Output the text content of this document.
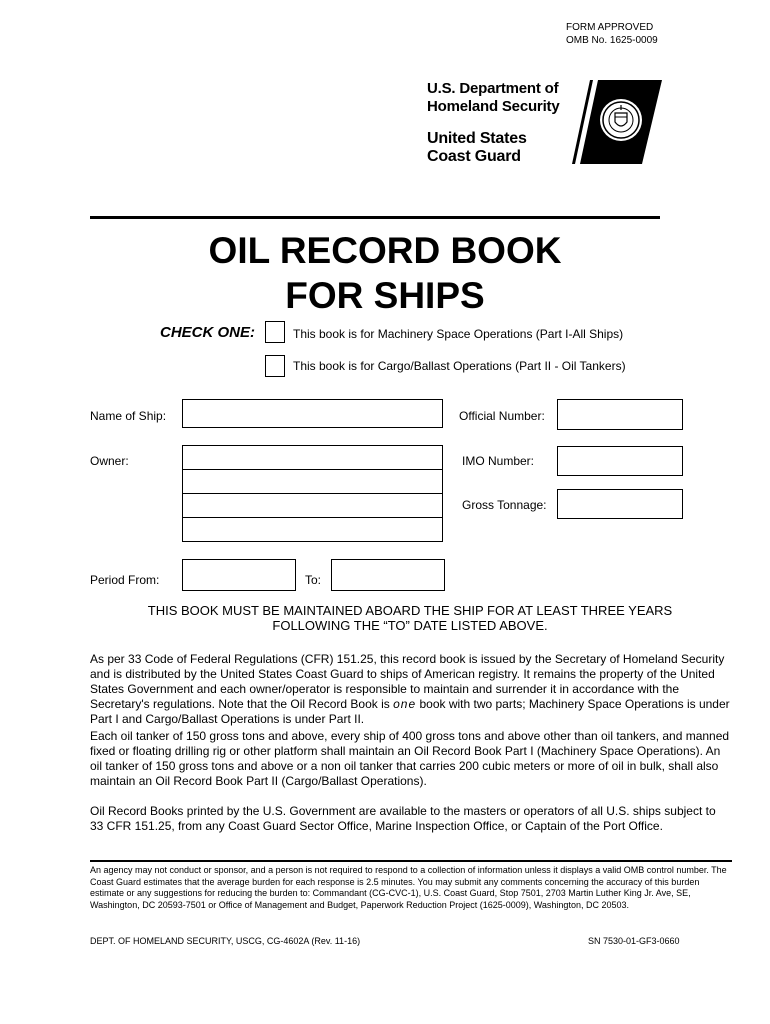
FORM APPROVED
OMB No. 1625-0009
U.S. Department of
Homeland Security
United States
Coast Guard
OIL RECORD BOOK
FOR SHIPS
CHECK ONE:	This book is for Machinery Space Operations (Part I-All Ships)
This book is for Cargo/Ballast Operations (Part II - Oil Tankers)
Name of Ship:	Official Number:
Owner:	IMO Number:
Gross Tonnage:
Period From:	To:
THIS BOOK MUST BE MAINTAINED ABOARD THE SHIP FOR AT LEAST THREE YEARS
FOLLOWING THE “TO” DATE LISTED ABOVE.
As per 33 Code of Federal Regulations (CFR) 151.25, this record book is issued by the Secretary of Homeland Security and is distributed by the United States Coast Guard to ships of American registry. It remains the property of the United States Government and each owner/operator is responsible to maintain and surrender it in accordance with the Secretary's regulations. Note that the Oil Record Book is one book with two parts; Machinery Space Operations is under Part I and Cargo/Ballast Operations is under Part II.
Each oil tanker of 150 gross tons and above, every ship of 400 gross tons and above other than oil tankers, and manned fixed or floating drilling rig or other platform shall maintain an Oil Record Book Part I (Machinery Space Operations). An oil tanker of 150 gross tons and above or a non oil tanker that carries 200 cubic meters or more of oil in bulk, shall also maintain an Oil Record Book Part II (Cargo/Ballast Operations).
Oil Record Books printed by the U.S. Government are available to the masters or operators of all U.S. ships subject to 33 CFR 151.25, from any Coast Guard Sector Office, Marine Inspection Office, or Captain of the Port Office.
An agency may not conduct or sponsor, and a person is not required to respond to a collection of information unless it displays a valid OMB control number. The Coast Guard estimates that the average burden for each response is 2.5 minutes. You may submit any comments concerning the accuracy of this burden estimate or any suggestions for reducing the burden to: Commandant (CG-CVC-1), U.S. Coast Guard, Stop 7501, 2703 Martin Luther King Jr. Ave, SE, Washington, DC 20593-7501 or Office of Management and Budget, Paperwork Reduction Project (1625-0009), Washington, DC 20503.
DEPT. OF HOMELAND SECURITY, USCG, CG-4602A (Rev. 11-16)	SN 7530-01-GF3-0660
